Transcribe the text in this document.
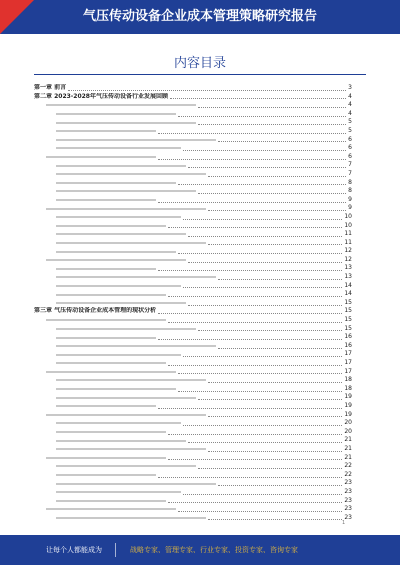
气压传动设备企业成本管理策略研究报告
内容目录
第一章 前言	3
第二章 2023-2028年气压传动设备行业发展回顾	4
4
4
5
5
6
6
6
7
7
8
8
9
9
10
10
11
11
12
12
13
13
14
14
15
第三章 气压传动设备企业成本管理的现状分析	15
15
15
16
16
17
17
17
18
18
19
19
19
20
20
21
21
21
22
22
23
23
23
23
23
1
让每个人都能成为	战略专家、管理专家、行业专家、投资专家、咨询专家
